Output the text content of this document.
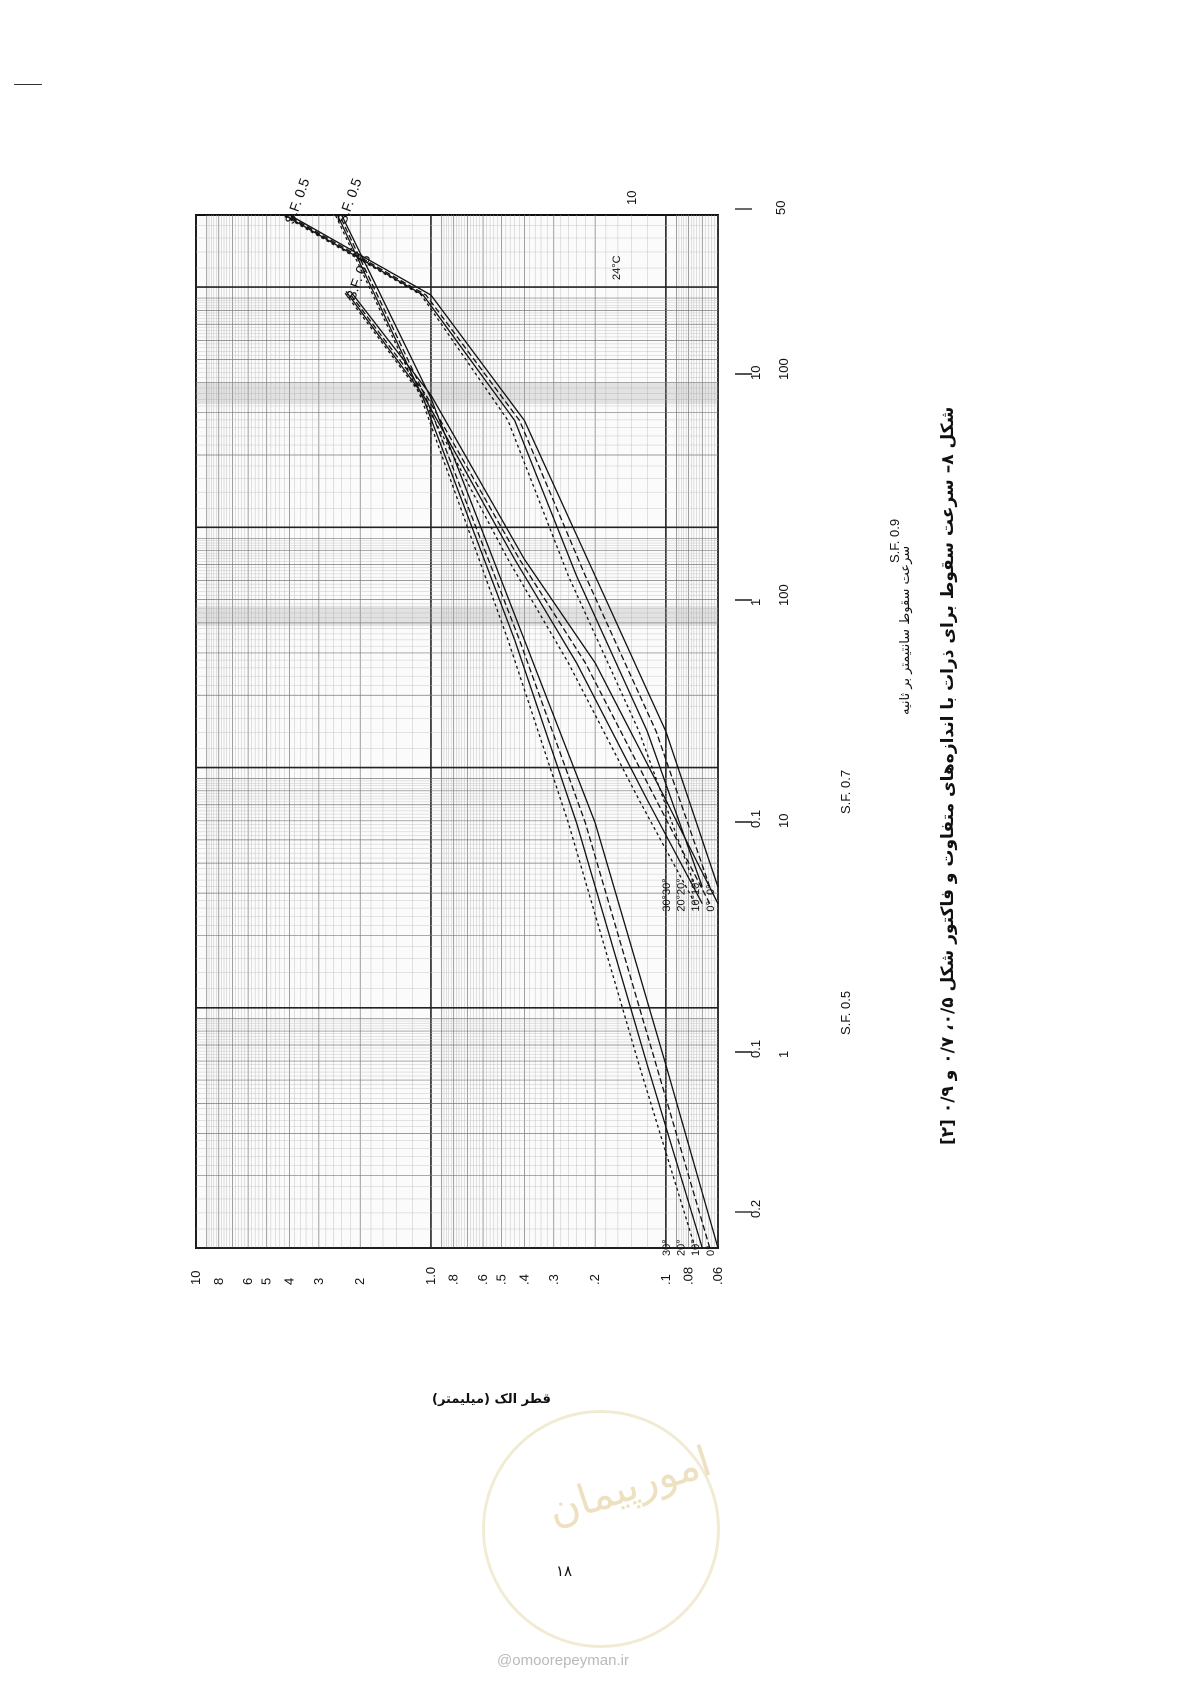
0°
10°
20°
30°
S.F. 0.5
0°
10°
20°
30°
S.F. 0.5
0°
10°
20°
30°
S.F. 0.5
24°C
10 8 6 5 4 3 2	1.0 .8 .6 .5 .4 .3 .2	.1 .08 .06
0.2
0.1 1
0.1 10
1 100
10 100
50
10
S.F. 0.5
S.F. 0.7
S.F. 0.9
سرعت سقوط سانتیمتر بر ثانیه
شکل ۸– سرعت سقوط برای ذرات با اندازه‌های متفاوت و فاکتور شکل ۰/۵، ۰/۷ و ۰/۹ [۲]
قطر الک (میلیمتر)
امورپیمان
۱۸
@omoorepeyman.ir
